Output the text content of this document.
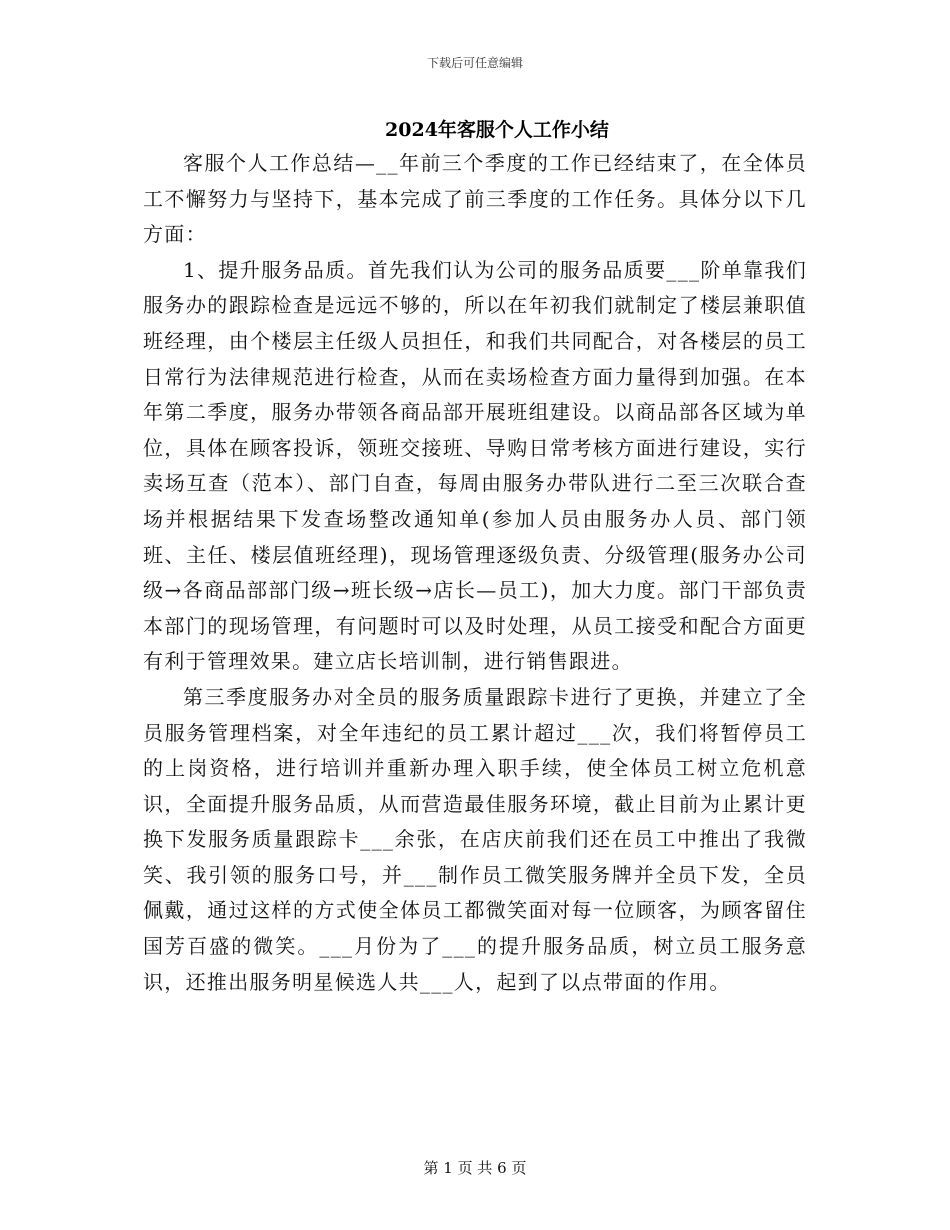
下载后可任意编辑
2024年客服个人工作小结

客服个人工作总结—__年前三个季度的工作已经结束了，在全体员工不懈努力与坚持下，基本完成了前三季度的工作任务。具体分以下几方面：

1、提升服务品质。首先我们认为公司的服务品质要___阶单靠我们服务办的跟踪检查是远远不够的，所以在年初我们就制定了楼层兼职值班经理，由个楼层主任级人员担任，和我们共同配合，对各楼层的员工日常行为法律规范进行检查，从而在卖场检查方面力量得到加强。在本年第二季度，服务办带领各商品部开展班组建设。以商品部各区域为单位，具体在顾客投诉，领班交接班、导购日常考核方面进行建设，实行卖场互查（范本）、部门自查，每周由服务办带队进行二至三次联合查场并根据结果下发查场整改通知单(参加人员由服务办人员、部门领班、主任、楼层值班经理)，现场管理逐级负责、分级管理(服务办公司级→各商品部部门级→班长级→店长—员工)，加大力度。部门干部负责本部门的现场管理，有问题时可以及时处理，从员工接受和配合方面更有利于管理效果。建立店长培训制，进行销售跟进。

第三季度服务办对全员的服务质量跟踪卡进行了更换，并建立了全员服务管理档案，对全年违纪的员工累计超过___次，我们将暂停员工的上岗资格，进行培训并重新办理入职手续，使全体员工树立危机意识，全面提升服务品质，从而营造最佳服务环境，截止目前为止累计更换下发服务质量跟踪卡___余张，在店庆前我们还在员工中推出了我微笑、我引领的服务口号，并___制作员工微笑服务牌并全员下发，全员佩戴，通过这样的方式使全体员工都微笑面对每一位顾客，为顾客留住国芳百盛的微笑。___月份为了___的提升服务品质，树立员工服务意识，还推出服务明星候选人共___人，起到了以点带面的作用。

第 1 页 共 6 页
